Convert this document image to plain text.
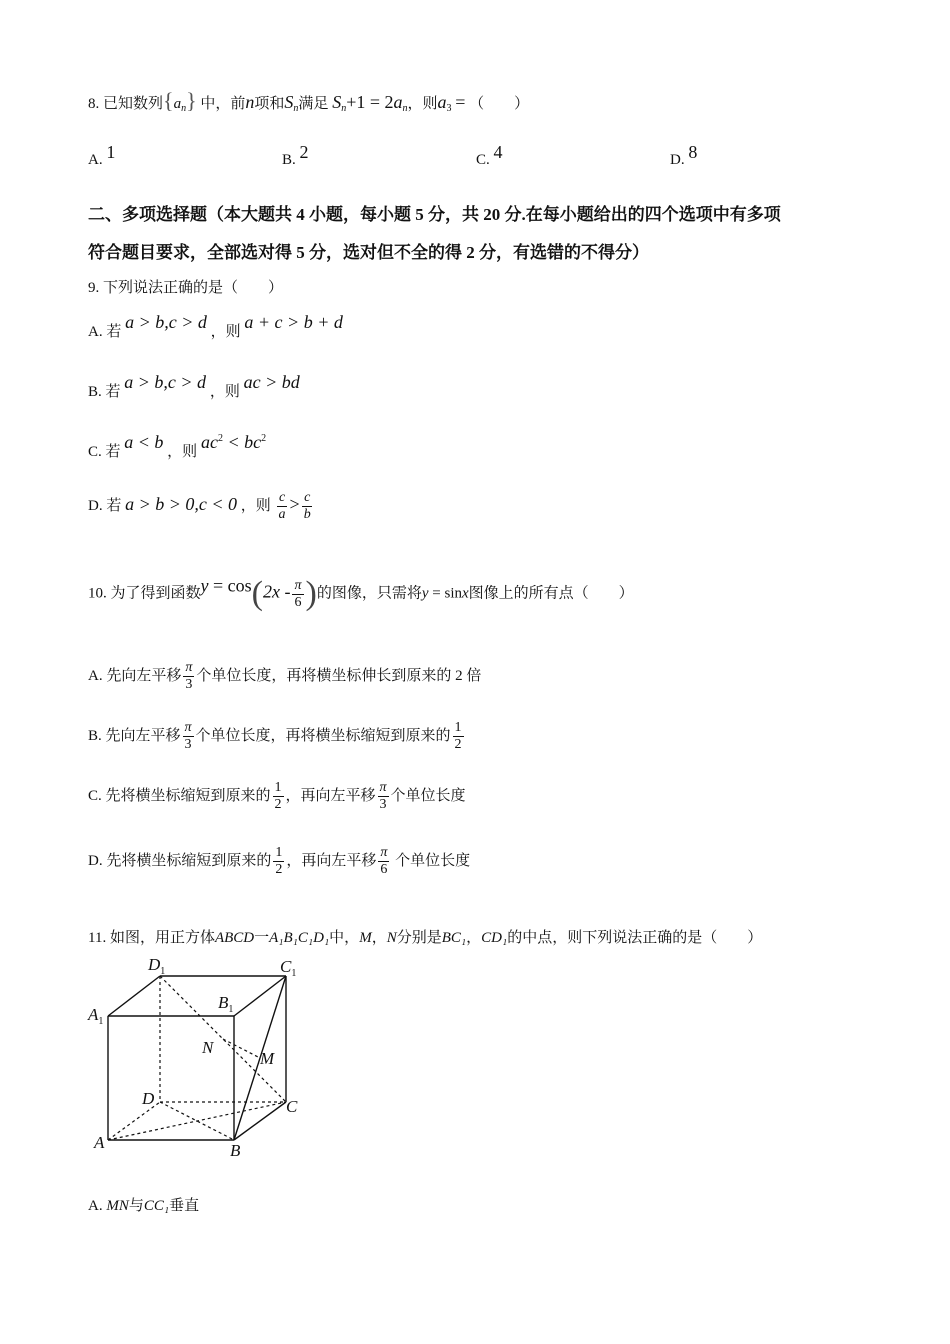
8. 已知数列$\{a_n\}$ 中，前n项和$S_n$满足 $S_n+1 = 2a_n$，则$a_3$ = （　　）
A. 1	B. 2	C. 4	D. 8
二、多项选择题（本大题共 4 小题，每小题 5 分，共 20 分.在每小题给出的四个选项中有多项
符合题目要求，全部选对得 5 分，选对但不全的得 2 分，有选错的不得分）
9. 下列说法正确的是（　　）
A. 若 a > b,c > d ，则 a + c > b + d
B. 若 a > b,c > d ，则 ac > bd
C. 若 a < b ，则 $ac^2 < bc^2$
D. 若 a > b > 0,c < 0 ，则 $\frac{c}{a} > \frac{c}{b}$
10. 为了得到函数$y = \cos(2x - \frac{\pi}{6}$ )的图像，只需将y = sinx图像上的所有点（　　）
A. 先向左平移 $\frac{\pi}{3}$ 个单位长度，再将横坐标伸长到原来的 2 倍
B. 先向左平移 $\frac{\pi}{3}$ 个单位长度，再将横坐标缩短到原来的 $\frac{1}{2}$
C. 先将横坐标缩短到原来的 $\frac{1}{2}$ ，再向左平移 $\frac{\pi}{3}$ 个单位长度
D. 先将横坐标缩短到原来的 $\frac{1}{2}$ ，再向左平移 $\frac{\pi}{6}$ 个单位长度
11. 如图，用正方体ABCD一A₁B₁C₁D₁中，M，N分别是BC₁，CD₁的中点，则下列说法正确的是（　　）
$D_1$	$C_1$
$A_1$
$B_1$
N
M
D	C
A	B
A. MN与CC₁垂直
